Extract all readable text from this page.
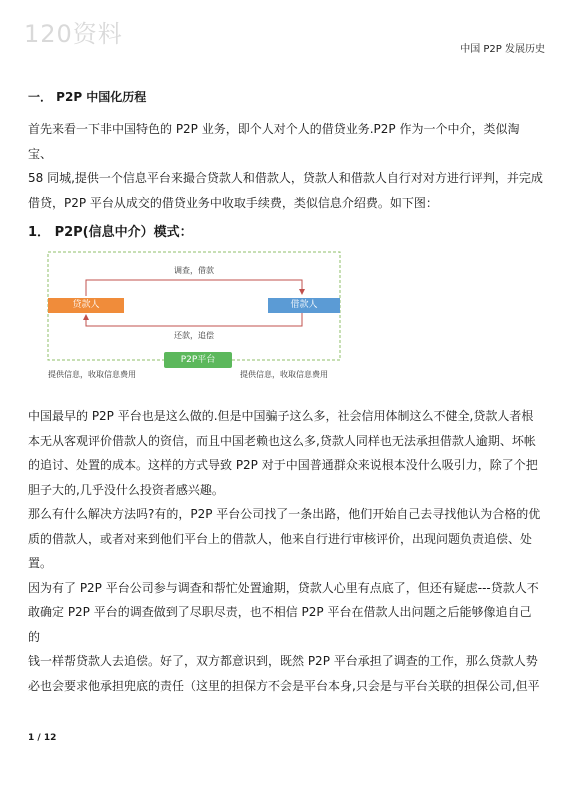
120资料
中国 P2P 发展历史
一． P2P 中国化历程

首先来看一下非中国特色的 P2P 业务，即个人对个人的借贷业务.P2P 作为一个中介，类似淘宝、

58 同城,提供一个信息平台来撮合贷款人和借款人，贷款人和借款人自行对对方进行评判，并完成

借贷，P2P 平台从成交的借贷业务中收取手续费，类似信息介绍费。如下图：

1． P2P(信息中介）模式：
贷款人	借款人
P2P平台
调查，借款
还款，追偿
提供信息，收取信息费用	提供信息，收取信息费用

中国最早的 P2P 平台也是这么做的.但是中国骗子这么多，社会信用体制这么不健全,贷款人者根

本无从客观评价借款人的资信，而且中国老赖也这么多,贷款人同样也无法承担借款人逾期、坏帐

的追讨、处置的成本。这样的方式导致 P2P 对于中国普通群众来说根本没什么吸引力，除了个把

胆子大的,几乎没什么投资者感兴趣。

那么有什么解决方法吗?有的，P2P 平台公司找了一条出路，他们开始自己去寻找他认为合格的优

质的借款人，或者对来到他们平台上的借款人，他来自行进行审核评价，出现问题负责追偿、处置。

因为有了 P2P 平台公司参与调查和帮忙处置逾期，贷款人心里有点底了，但还有疑虑---贷款人不

敢确定 P2P 平台的调查做到了尽职尽责，也不相信 P2P 平台在借款人出问题之后能够像追自己的

钱一样帮贷款人去追偿。好了，双方都意识到，既然 P2P 平台承担了调查的工作，那么贷款人势

必也会要求他承担兜底的责任（这里的担保方不会是平台本身,只会是与平台关联的担保公司,但平

1 / 12
